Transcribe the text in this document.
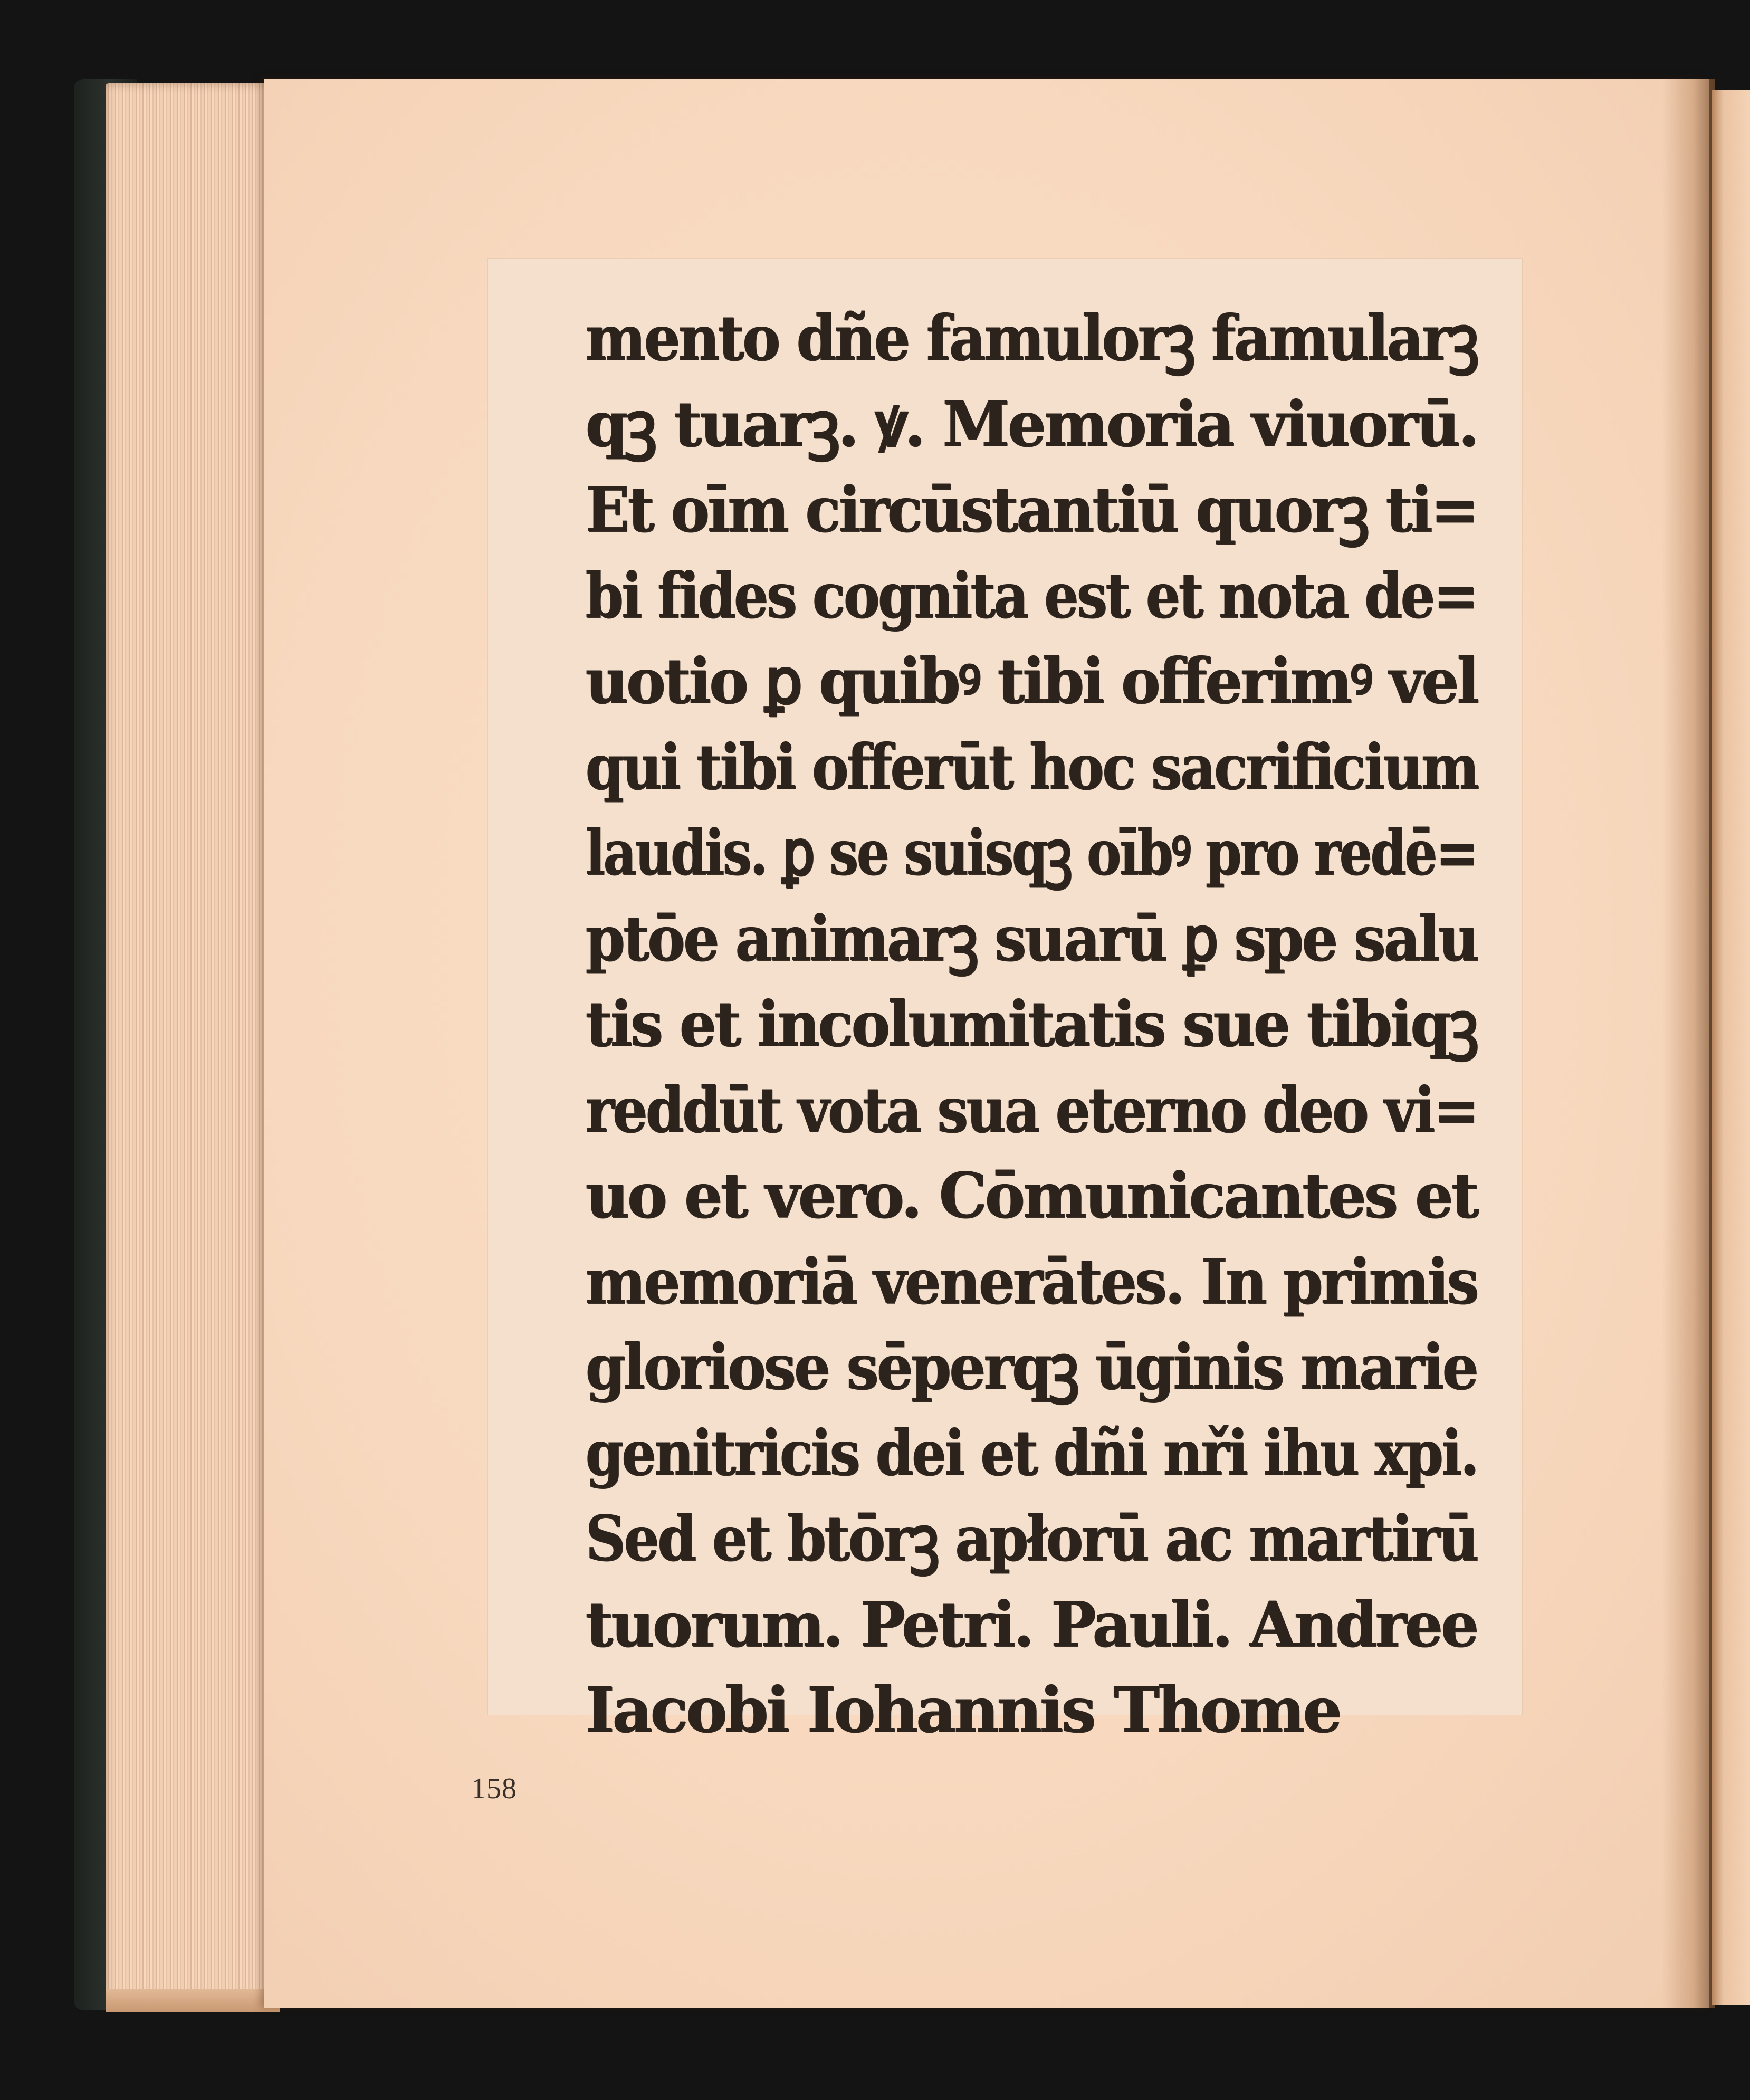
mento dñe famulorꝫ famularꝫ
qꝫ tuarꝫ. ꝟ. Memoria viuorū.
Et oīm circūstantiū quorꝫ ti=
bi fides cognita est et nota de=
uotio ꝑ quibꝰ tibi offerimꝰ vel
qui tibi offerūt hoc sacrificium
laudis. ꝑ se suisqꝫ oībꝰ pro redē=
ptōe animarꝫ suarū ꝑ spe salu
tis et incolumitatis sue tibiqꝫ
reddūt vota sua eterno deo vi=
uo et vero. Cōmunicantes et
memoriā venerātes. In primis
gloriose sēperqꝫ ūginis marie
genitricis dei et dñi nři ihu xpi.
Sed et btōrꝫ apłorū ac martirū
tuorum. Petri. Pauli. Andree
Iacobi Iohannis Thome
158
